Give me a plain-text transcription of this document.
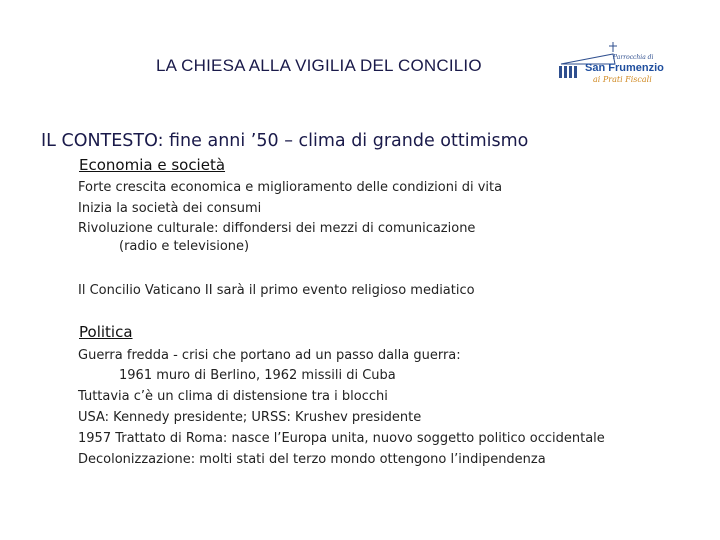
LA CHIESA ALLA VIGILIA DEL CONCILIO	Parrocchia di
San Frumenzio
ai Prati Fiscali
IL CONTESTO: fine anni ’50 – clima di grande ottimismo
Economia e società
Forte crescita economica e miglioramento delle condizioni di vita
Inizia la società dei consumi
Rivoluzione culturale: diffondersi dei mezzi di comunicazione
(radio e televisione)
Il Concilio Vaticano II sarà il primo evento religioso mediatico
Politica
Guerra fredda - crisi che portano ad un passo dalla guerra:
1961 muro di Berlino, 1962 missili di Cuba
Tuttavia c’è un clima di distensione tra i blocchi
USA: Kennedy presidente; URSS: Krushev presidente
1957 Trattato di Roma: nasce l’Europa unita, nuovo soggetto politico occidentale
Decolonizzazione: molti stati del terzo mondo ottengono l’indipendenza
